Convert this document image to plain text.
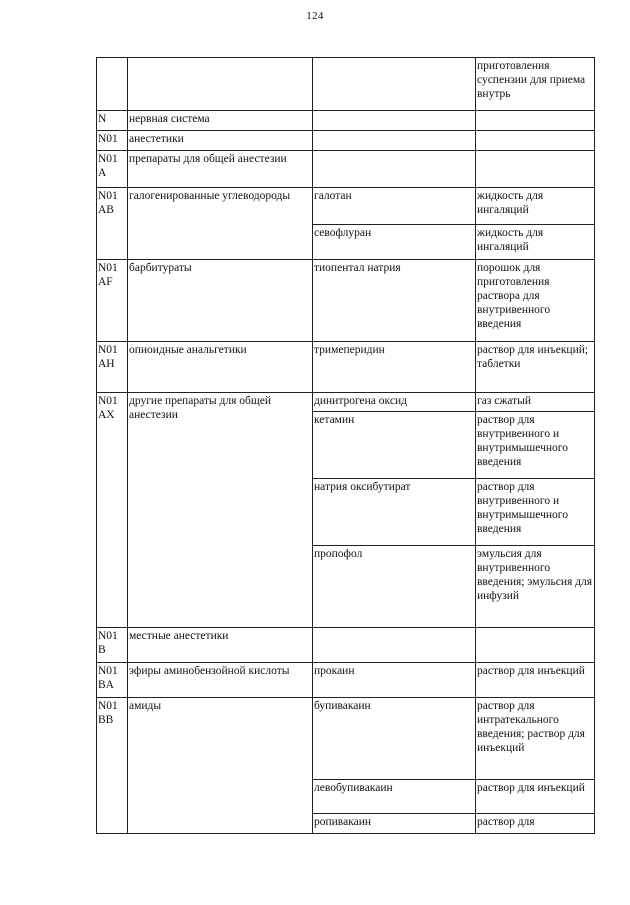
124
			приготовления суспензии для приема внутрь
N	нервная система		
N01	анестетики		
N01 A	препараты для общей анестезии		
N01 AB	галогенированные углеводороды	галотан	жидкость для ингаляций
		севофлуран	жидкость для ингаляций
N01 AF	барбитураты	тиопентал натрия	порошок для приготовления раствора для внутривенного введения
N01 AH	опиоидные анальгетики	тримеперидин	раствор для инъекций; таблетки
N01 AX	другие препараты для общей анестезии	динитрогена оксид	газ сжатый
		кетамин	раствор для внутривенного и внутримышечного введения
		натрия оксибутират	раствор для внутривенного и внутримышечного введения
		пропофол	эмульсия для внутривенного введения; эмульсия для инфузий
N01 B	местные анестетики		
N01 BA	эфиры аминобензойной кислоты	прокаин	раствор для инъекций
N01 BB	амиды	бупивакаин	раствор для интратекального введения; раствор для инъекций
		левобупивакаин	раствор для инъекций
		ропивакаин	раствор для
